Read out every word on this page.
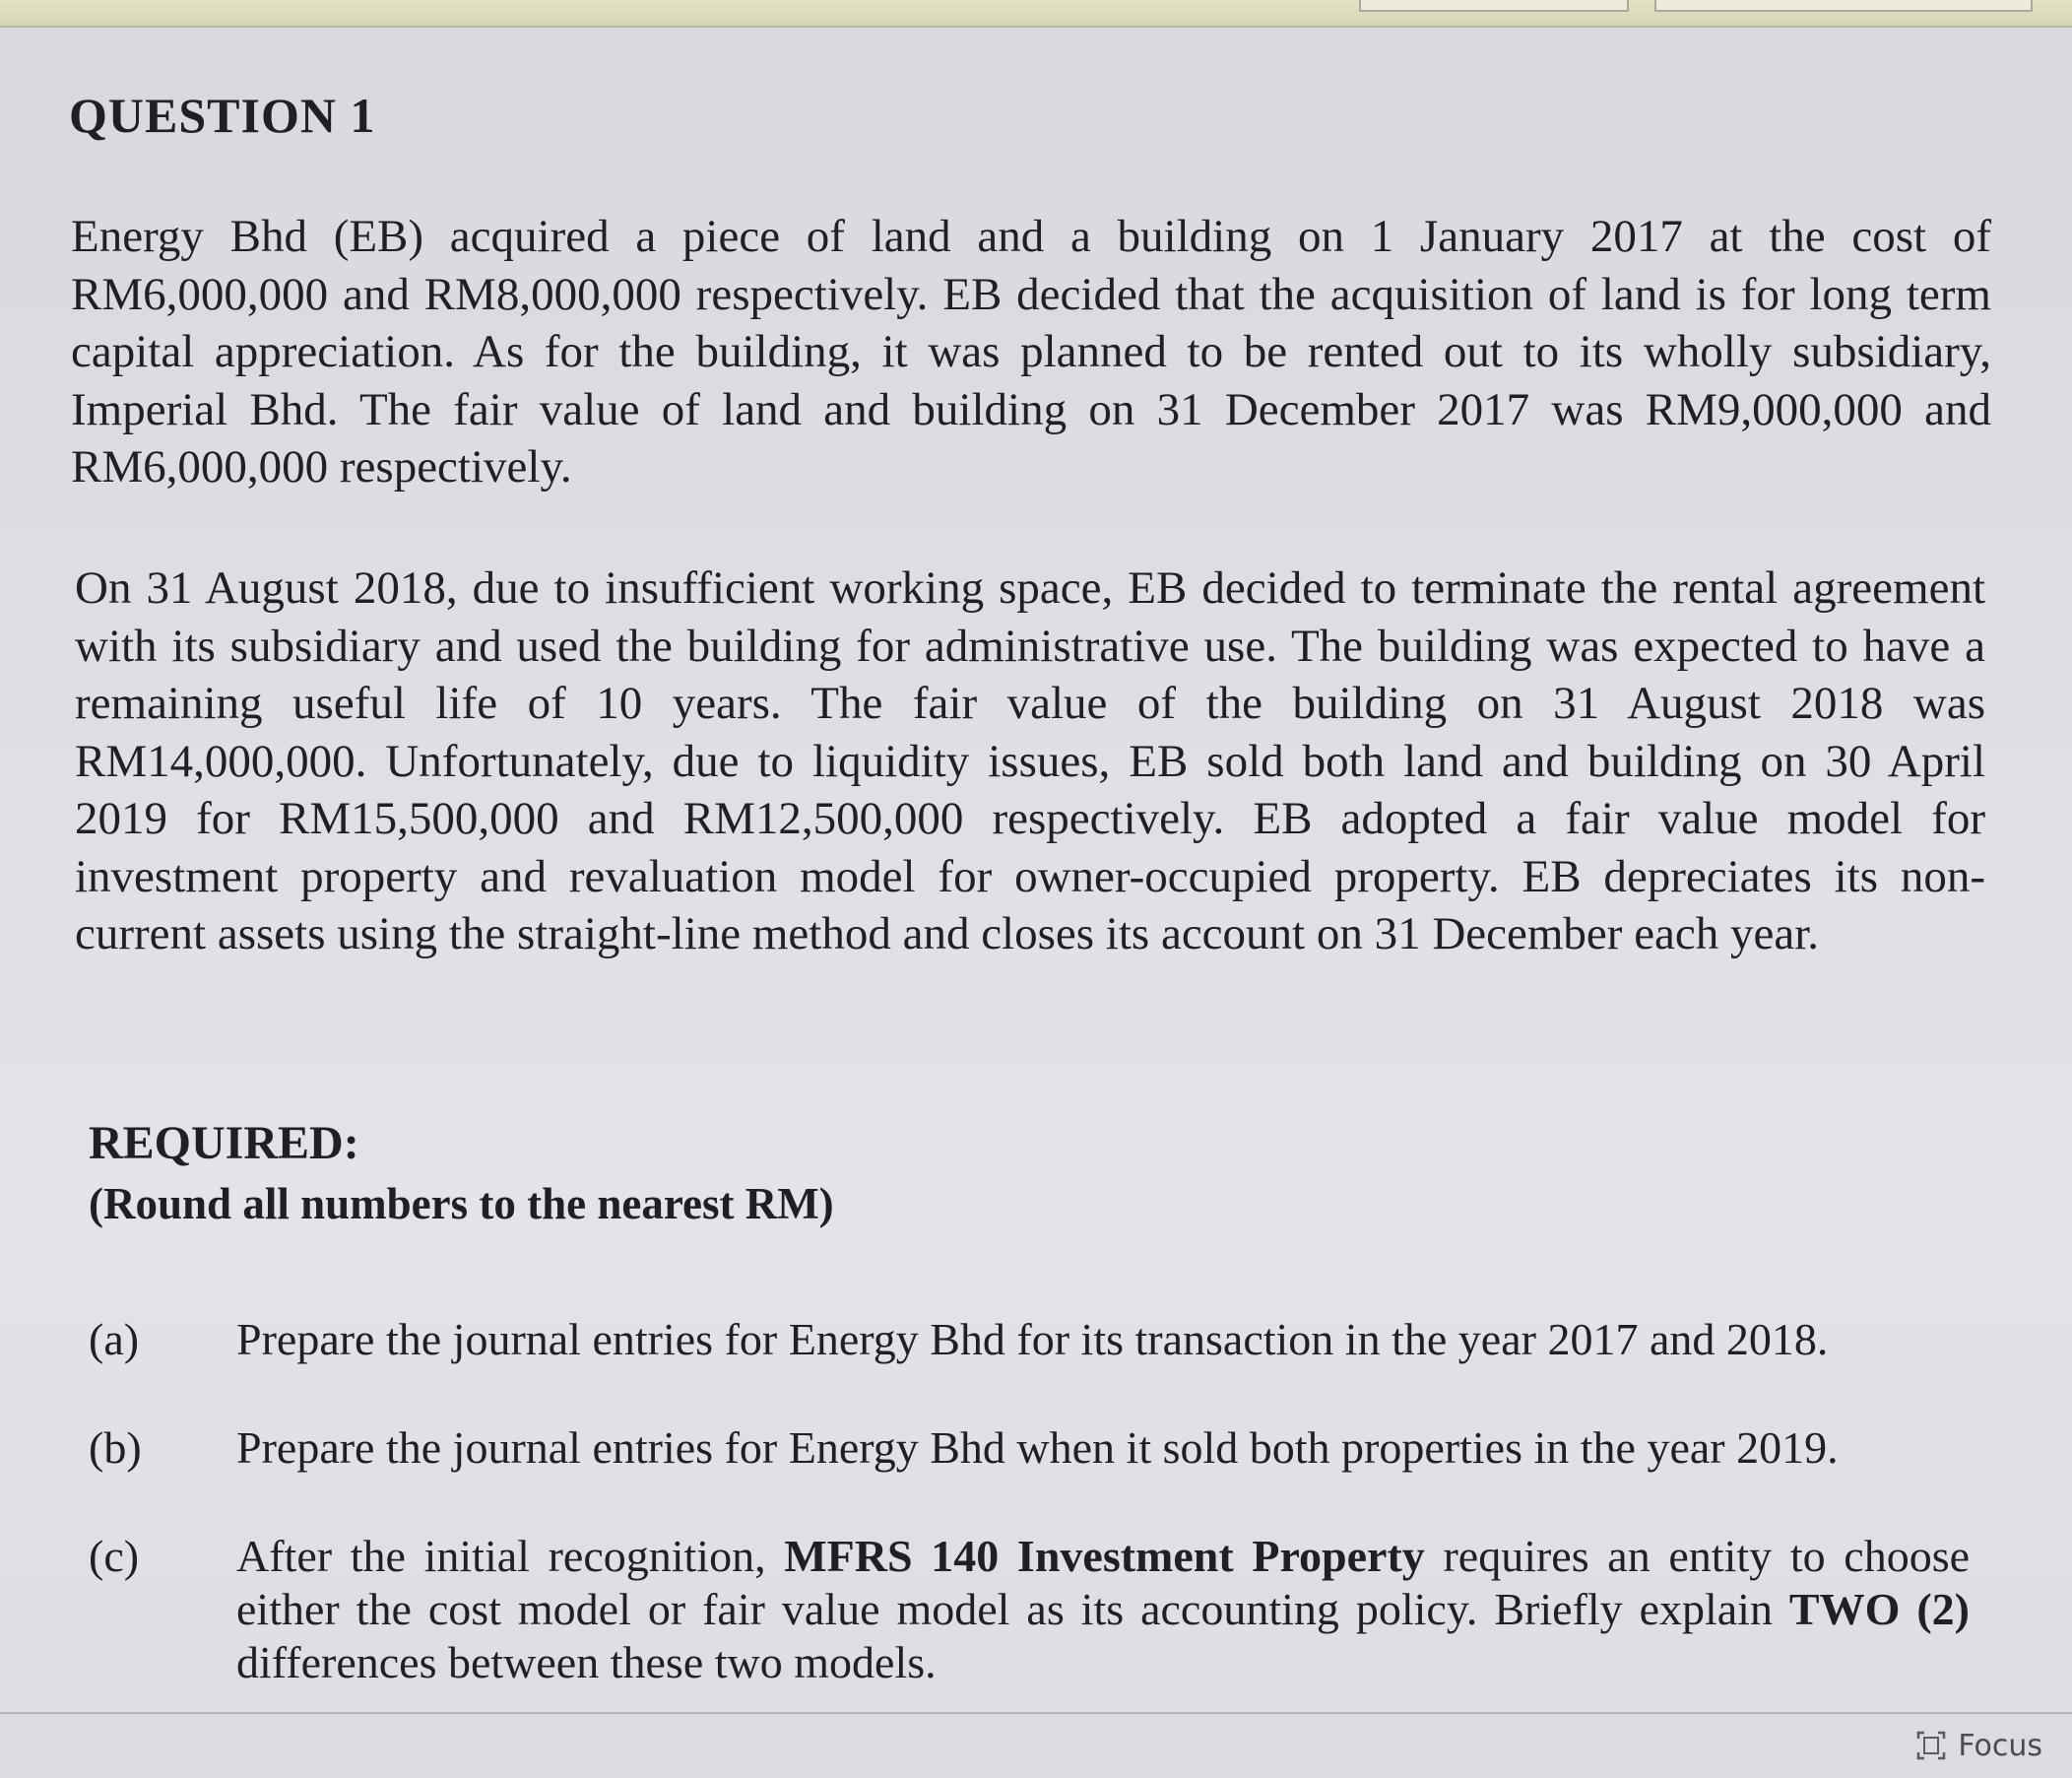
QUESTION 1

Energy Bhd (EB) acquired a piece of land and a building on 1 January 2017 at the cost of RM6,000,000 and RM8,000,000 respectively. EB decided that the acquisition of land is for long term capital appreciation. As for the building, it was planned to be rented out to its wholly subsidiary, Imperial Bhd. The fair value of land and building on 31 December 2017 was RM9,000,000 and RM6,000,000 respectively.

On 31 August 2018, due to insufficient working space, EB decided to terminate the rental agreement with its subsidiary and used the building for administrative use. The building was expected to have a remaining useful life of 10 years. The fair value of the building on 31 August 2018 was RM14,000,000. Unfortunately, due to liquidity issues, EB sold both land and building on 30 April 2019 for RM15,500,000 and RM12,500,000 respectively. EB adopted a fair value model for investment property and revaluation model for owner-occupied property. EB depreciates its non-current assets using the straight-line method and closes its account on 31 December each year.

REQUIRED:

(Round all numbers to the nearest RM)

(a)	Prepare the journal entries for Energy Bhd for its transaction in the year 2017 and 2018.
(b)	Prepare the journal entries for Energy Bhd when it sold both properties in the year 2019.
(c)	After the initial recognition, MFRS 140 Investment Property requires an entity to choose either the cost model or fair value model as its accounting policy. Briefly explain TWO (2) differences between these two models.
Focus
